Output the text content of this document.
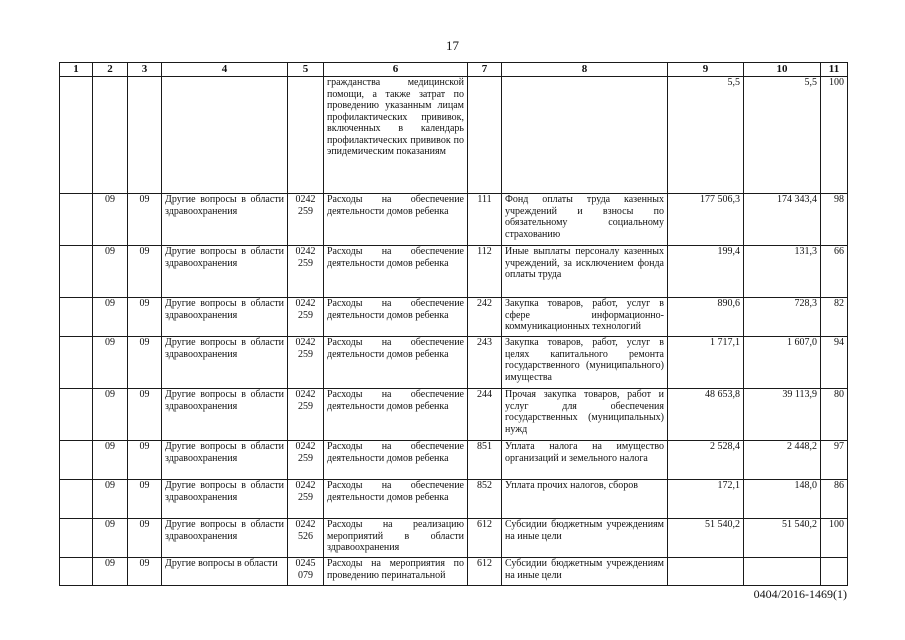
17
1	2	3	4	5	6	7	8	9	10	11
					гражданства медицинской помощи, а также затрат по проведению указанным лицам профилактических прививок, включенных в календарь профилактических прививок по эпидемическим показаниям			5,5	5,5	100
	09	09	Другие вопросы в области здравоохранения	0242 259	Расходы на обеспечение деятельности домов ребенка	111	Фонд оплаты труда казенных учреждений и взносы по обязательному социальному страхованию	177 506,3	174 343,4	98
	09	09	Другие вопросы в области здравоохранения	0242 259	Расходы на обеспечение деятельности домов ребенка	112	Иные выплаты персоналу казенных учреждений, за исключением фонда оплаты труда	199,4	131,3	66
	09	09	Другие вопросы в области здравоохранения	0242 259	Расходы на обеспечение деятельности домов ребенка	242	Закупка товаров, работ, услуг в сфере информационно-коммуникационных технологий	890,6	728,3	82
	09	09	Другие вопросы в области здравоохранения	0242 259	Расходы на обеспечение деятельности домов ребенка	243	Закупка товаров, работ, услуг в целях капитального ремонта государственного (муниципального) имущества	1 717,1	1 607,0	94
	09	09	Другие вопросы в области здравоохранения	0242 259	Расходы на обеспечение деятельности домов ребенка	244	Прочая закупка товаров, работ и услуг для обеспечения государственных (муниципальных) нужд	48 653,8	39 113,9	80
	09	09	Другие вопросы в области здравоохранения	0242 259	Расходы на обеспечение деятельности домов ребенка	851	Уплата налога на имущество организаций и земельного налога	2 528,4	2 448,2	97
	09	09	Другие вопросы в области здравоохранения	0242 259	Расходы на обеспечение деятельности домов ребенка	852	Уплата прочих налогов, сборов	172,1	148,0	86
	09	09	Другие вопросы в области здравоохранения	0242 526	Расходы на реализацию мероприятий в области здравоохранения	612	Субсидии бюджетным учреждениям на иные цели	51 540,2	51 540,2	100
	09	09	Другие вопросы в области	0245 079	Расходы на мероприятия по проведению перинатальной	612	Субсидии бюджетным учреждениям на иные цели			
0404/2016-1469(1)
